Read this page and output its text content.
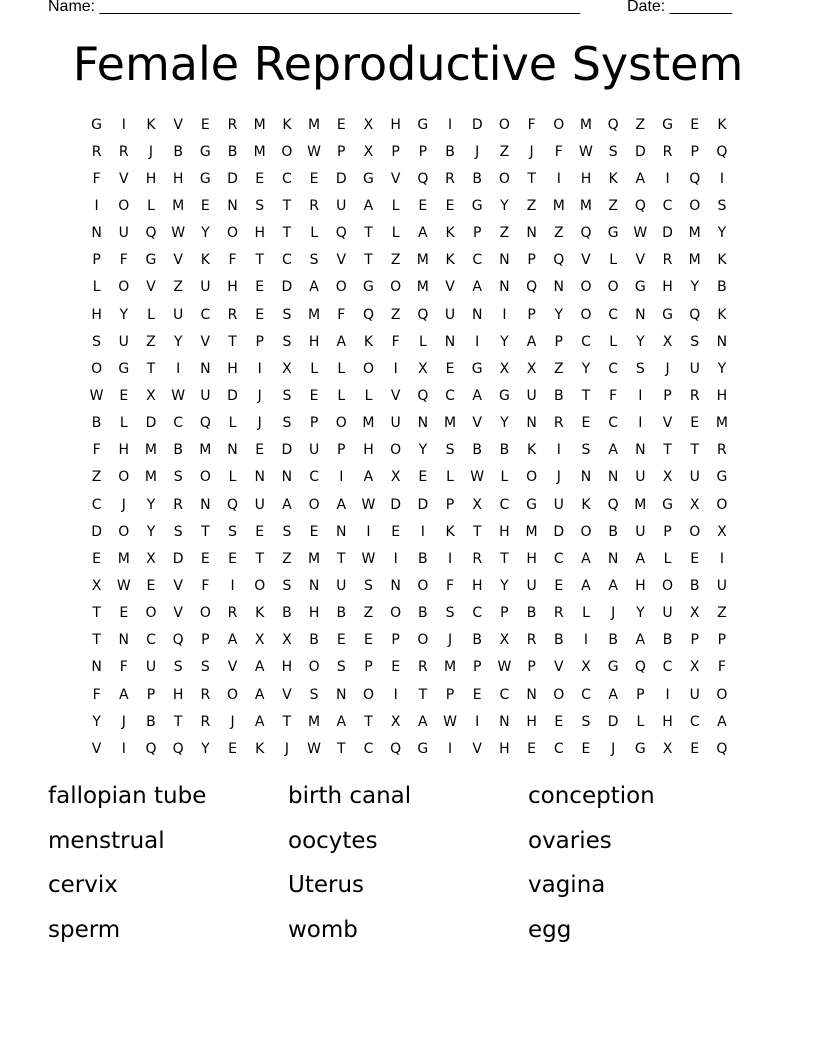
Name: ______________________________________________________	Date: _______
Female Reproductive System
G	I	K	V	E	R	M	K	M	E	X	H	G	I	D	O	F	O	M	Q	Z	G	E	K
R	R	J	B	G	B	M	O	W	P	X	P	P	B	J	Z	J	F	W	S	D	R	P	Q
F	V	H	H	G	D	E	C	E	D	G	V	Q	R	B	O	T	I	H	K	A	I	Q	I
I	O	L	M	E	N	S	T	R	U	A	L	E	E	G	Y	Z	M	M	Z	Q	C	O	S
N	U	Q	W	Y	O	H	T	L	Q	T	L	A	K	P	Z	N	Z	Q	G	W	D	M	Y
P	F	G	V	K	F	T	C	S	V	T	Z	M	K	C	N	P	Q	V	L	V	R	M	K
L	O	V	Z	U	H	E	D	A	O	G	O	M	V	A	N	Q	N	O	O	G	H	Y	B
H	Y	L	U	C	R	E	S	M	F	Q	Z	Q	U	N	I	P	Y	O	C	N	G	Q	K
S	U	Z	Y	V	T	P	S	H	A	K	F	L	N	I	Y	A	P	C	L	Y	X	S	N
O	G	T	I	N	H	I	X	L	L	O	I	X	E	G	X	X	Z	Y	C	S	J	U	Y
W	E	X	W	U	D	J	S	E	L	L	V	Q	C	A	G	U	B	T	F	I	P	R	H
B	L	D	C	Q	L	J	S	P	O	M	U	N	M	V	Y	N	R	E	C	I	V	E	M
F	H	M	B	M	N	E	D	U	P	H	O	Y	S	B	B	K	I	S	A	N	T	T	R
Z	O	M	S	O	L	N	N	C	I	A	X	E	L	W	L	O	J	N	N	U	X	U	G
C	J	Y	R	N	Q	U	A	O	A	W	D	D	P	X	C	G	U	K	Q	M	G	X	O
D	O	Y	S	T	S	E	S	E	N	I	E	I	K	T	H	M	D	O	B	U	P	O	X
E	M	X	D	E	E	T	Z	M	T	W	I	B	I	R	T	H	C	A	N	A	L	E	I
X	W	E	V	F	I	O	S	N	U	S	N	O	F	H	Y	U	E	A	A	H	O	B	U
T	E	O	V	O	R	K	B	H	B	Z	O	B	S	C	P	B	R	L	J	Y	U	X	Z
T	N	C	Q	P	A	X	X	B	E	E	P	O	J	B	X	R	B	I	B	A	B	P	P
N	F	U	S	S	V	A	H	O	S	P	E	R	M	P	W	P	V	X	G	Q	C	X	F
F	A	P	H	R	O	A	V	S	N	O	I	T	P	E	C	N	O	C	A	P	I	U	O
Y	J	B	T	R	J	A	T	M	A	T	X	A	W	I	N	H	E	S	D	L	H	C	A
V	I	Q	Q	Y	E	K	J	W	T	C	Q	G	I	V	H	E	C	E	J	G	X	E	Q
fallopian tube	birth canal	conception
menstrual	oocytes	ovaries
cervix	Uterus	vagina
sperm	womb	egg
